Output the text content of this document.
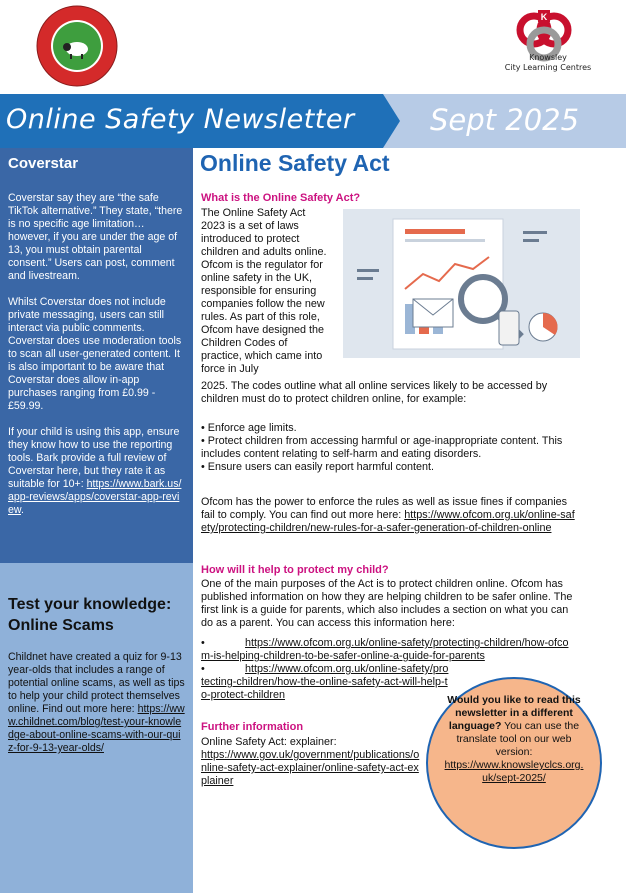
K
Knowsley
City Learning Centres
Online Safety Newsletter	Sept 2025
Coverstar

Coverstar say they are “the safe TikTok alternative.” They state, “there is no specific age limitation…however, if you are under the age of 13, you must obtain parental consent.” Users can post, comment and livestream.

Whilst Coverstar does not include private messaging, users can still interact via public comments. Coverstar does use moderation tools to scan all user-generated content. It is also important to be aware that Coverstar does allow in-app purchases ranging from £0.99 - £59.99.

If your child is using this app, ensure they know how to use the reporting tools. Bark provide a full review of Coverstar here, but they rate it as suitable for 10+: https://www.bark.us/app-reviews/apps/coverstar-app-review.

Test your knowledge: Online Scams
Childnet have created a quiz for 9-13 year-olds that includes a range of potential online scams, as well as tips to help your child protect themselves online. Find out more here: https://www.childnet.com/blog/test-your-knowledge-about-online-scams-with-our-quiz-for-9-13-year-olds/
Online Safety Act
What is the Online Safety Act?
The Online Safety Act 2023 is a set of laws introduced to protect children and adults online. Ofcom is the regulator for online safety in the UK, responsible for ensuring companies follow the new rules. As part of this role, Ofcom have designed the Children Codes of practice, which came into force in July
2025. The codes outline what all online services likely to be accessed by children must do to protect children online, for example:
• Enforce age limits.
• Protect children from accessing harmful or age-inappropriate content. This includes content relating to self-harm and eating disorders.
• Ensure users can easily report harmful content.
Ofcom has the power to enforce the rules as well as issue fines if companies fail to comply. You can find out more here: https://www.ofcom.org.uk/online-safety/protecting-children/new-rules-for-a-safer-generation-of-children-online
How will it help to protect my child?
One of the main purposes of the Act is to protect children online. Ofcom has published information on how they are helping children to be safer online. The first link is a guide for parents, which also includes a section on what you can do as a parent. You can access this information here:
•	https://www.ofcom.org.uk/online-safety/protecting-children/how-ofcom-is-helping-children-to-be-safer-online-a-guide-for-parents
•	https://www.ofcom.org.uk/online-safety/protecting-children/how-the-online-safety-act-will-help-to-protect-children
Further information
Online Safety Act: explainer:
https://www.gov.uk/government/publications/online-safety-act-explainer/online-safety-act-explainer
Would you like to read this newsletter in a different language? You can use the translate tool on our web version:
https://www.knowsleyclcs.org.uk/sept-2025/
